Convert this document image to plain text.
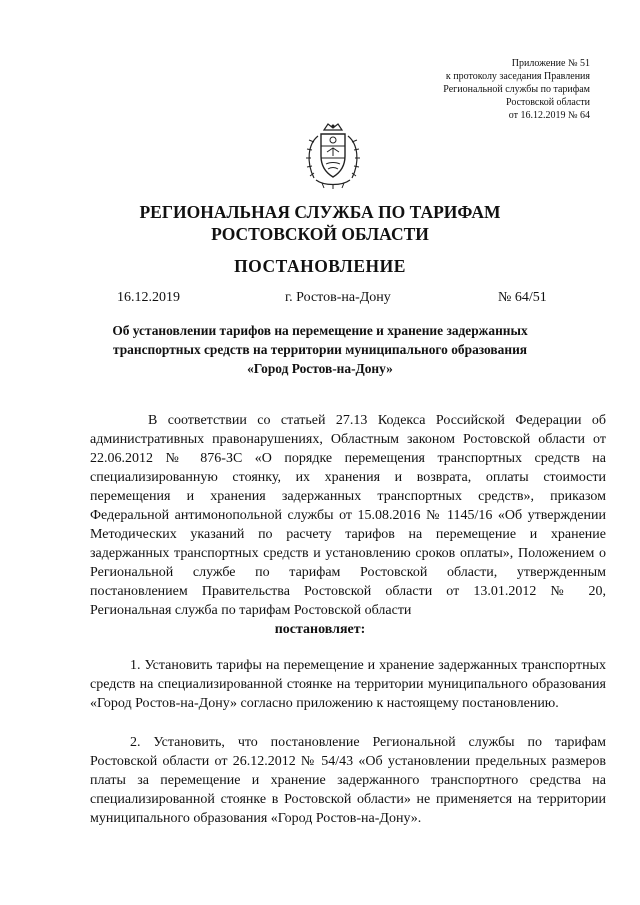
Приложение № 51
к протоколу заседания Правления
Региональной службы по тарифам
Ростовской области
от 16.12.2019 № 64
РЕГИОНАЛЬНАЯ СЛУЖБА ПО ТАРИФАМ
РОСТОВСКОЙ ОБЛАСТИ
ПОСТАНОВЛЕНИЕ
16.12.2019	г. Ростов-на-Дону	№ 64/51
Об установлении тарифов на перемещение и хранение задержанных
транспортных средств на территории муниципального образования
«Город Ростов-на-Дону»
В соответствии со статьей 27.13 Кодекса Российской Федерации об административных правонарушениях, Областным законом Ростовской области от 22.06.2012 № 876-ЗС «О порядке перемещения транспортных средств на специализированную стоянку, их хранения и возврата, оплаты стоимости перемещения и хранения задержанных транспортных средств», приказом Федеральной антимонопольной службы от 15.08.2016 № 1145/16 «Об утверждении Методических указаний по расчету тарифов на перемещение и хранение задержанных транспортных средств и установлению сроков оплаты», Положением о Региональной службе по тарифам Ростовской области, утвержденным постановлением Правительства Ростовской области от 13.01.2012 № 20, Региональная служба по тарифам Ростовской области
постановляет:
1. Установить тарифы на перемещение и хранение задержанных транспортных средств на специализированной стоянке на территории муниципального образования «Город Ростов-на-Дону» согласно приложению к настоящему постановлению.
2. Установить, что постановление Региональной службы по тарифам Ростовской области от 26.12.2012 № 54/43 «Об установлении предельных размеров платы за перемещение и хранение задержанного транспортного средства на специализированной стоянке в Ростовской области» не применяется на территории муниципального образования «Город Ростов-на-Дону».
